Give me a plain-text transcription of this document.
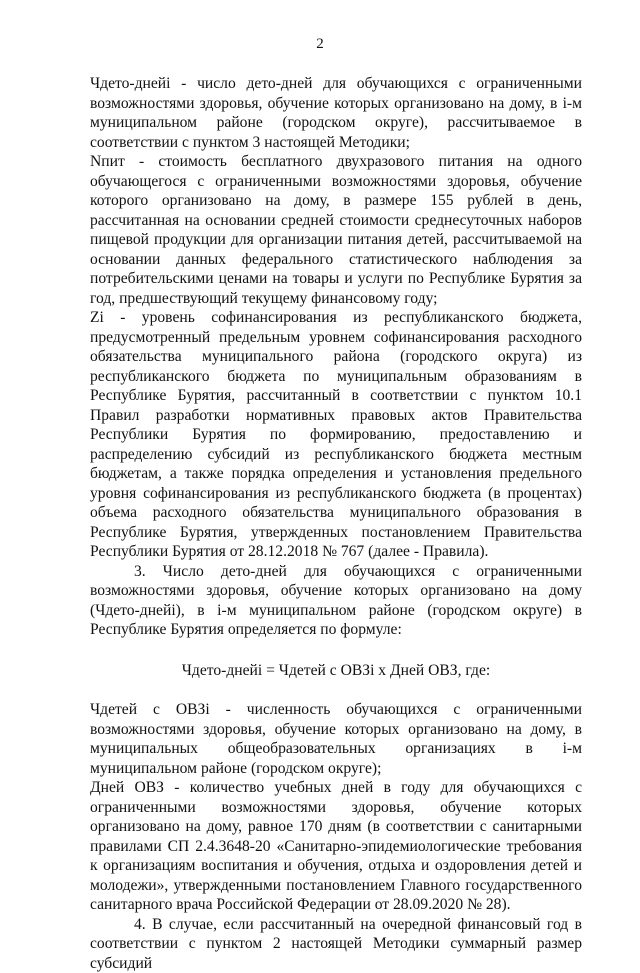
2

Чдето-днейi - число дето-дней для обучающихся с ограниченными возможностями здоровья, обучение которых организовано на дому, в i-м муниципальном районе (городском округе), рассчитываемое в соответствии с пунктом 3 настоящей Методики;

Nпит - стоимость бесплатного двухразового питания на одного обучающегося с ограниченными возможностями здоровья, обучение которого организовано на дому, в размере 155 рублей в день, рассчитанная на основании средней стоимости среднесуточных наборов пищевой продукции для организации питания детей, рассчитываемой на основании данных федерального статистического наблюдения за потребительскими ценами на товары и услуги по Республике Бурятия за год, предшествующий текущему финансовому году;

Zi - уровень софинансирования из республиканского бюджета, предусмотренный предельным уровнем софинансирования расходного обязательства муниципального района (городского округа) из республиканского бюджета по муниципальным образованиям в Республике Бурятия, рассчитанный в соответствии с пунктом 10.1 Правил разработки нормативных правовых актов Правительства Республики Бурятия по формированию, предоставлению и распределению субсидий из республиканского бюджета местным бюджетам, а также порядка определения и установления предельного уровня софинансирования из республиканского бюджета (в процентах) объема расходного обязательства муниципального образования в Республике Бурятия, утвержденных постановлением Правительства Республики Бурятия от 28.12.2018 № 767 (далее - Правила).

3. Число дето-дней для обучающихся с ограниченными возможностями здоровья, обучение которых организовано на дому (Чдето-днейi), в i-м муниципальном районе (городском округе) в Республике Бурятия определяется по формуле:

Чдето-днейi = Чдетей с ОВЗi х Дней ОВЗ, где:

Чдетей с ОВЗi - численность обучающихся с ограниченными возможностями здоровья, обучение которых организовано на дому, в муниципальных общеобразовательных организациях в i-м муниципальном районе (городском округе);

Дней ОВЗ - количество учебных дней в году для обучающихся с ограниченными возможностями здоровья, обучение которых организовано на дому, равное 170 дням (в соответствии с санитарными правилами СП 2.4.3648-20 «Санитарно-эпидемиологические требования к организациям воспитания и обучения, отдыха и оздоровления детей и молодежи», утвержденными постановлением Главного государственного санитарного врача Российской Федерации от 28.09.2020 № 28).

4. В случае, если рассчитанный на очередной финансовый год в соответствии с пунктом 2 настоящей Методики суммарный размер субсидий
